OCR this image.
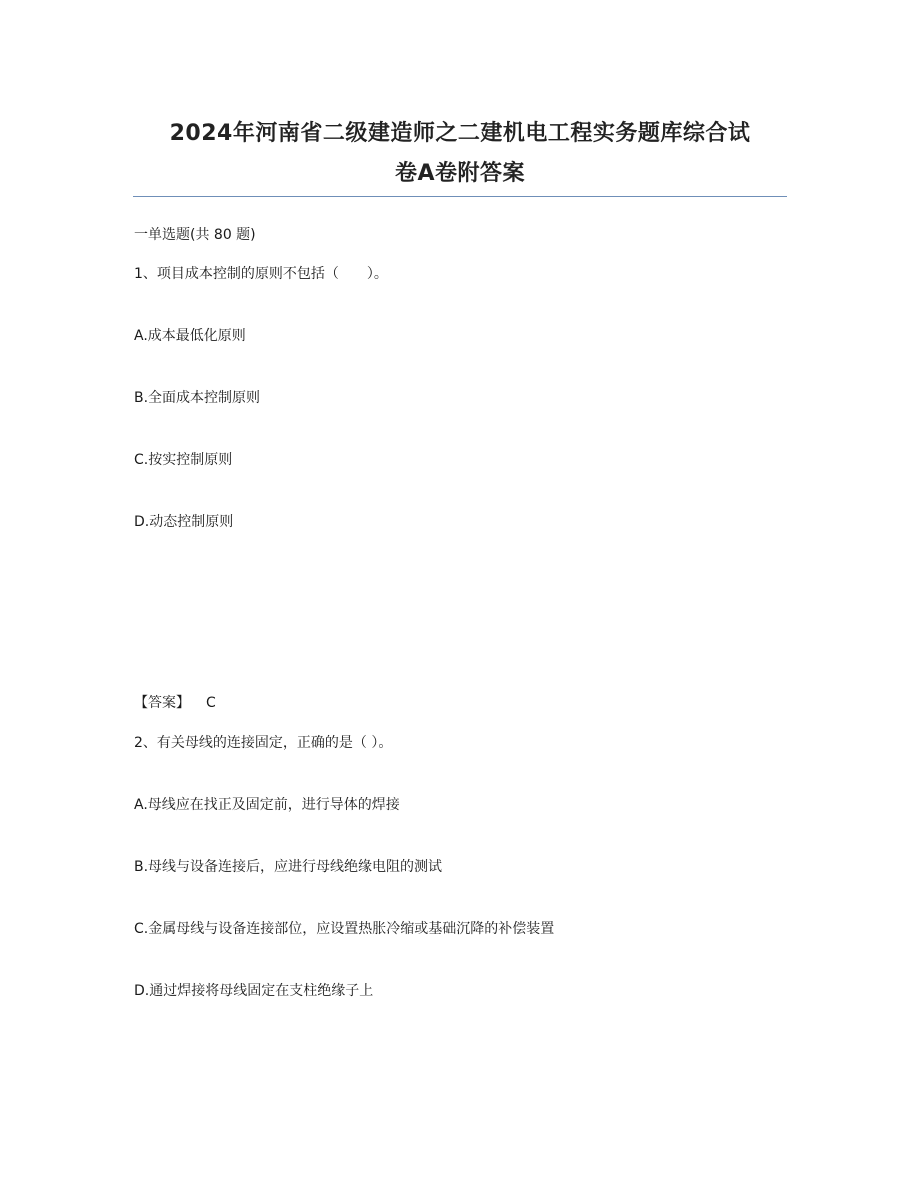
2024年河南省二级建造师之二建机电工程实务题库综合试
卷A卷附答案
一单选题(共 80 题)
1、项目成本控制的原则不包括（　　）。
A.成本最低化原则
B.全面成本控制原则
C.按实控制原则
D.动态控制原则
【答案】 C
2、有关母线的连接固定，正确的是（ ）。
A.母线应在找正及固定前，进行导体的焊接
B.母线与设备连接后，应进行母线绝缘电阻的测试
C.金属母线与设备连接部位，应设置热胀冷缩或基础沉降的补偿装置
D.通过焊接将母线固定在支柱绝缘子上
